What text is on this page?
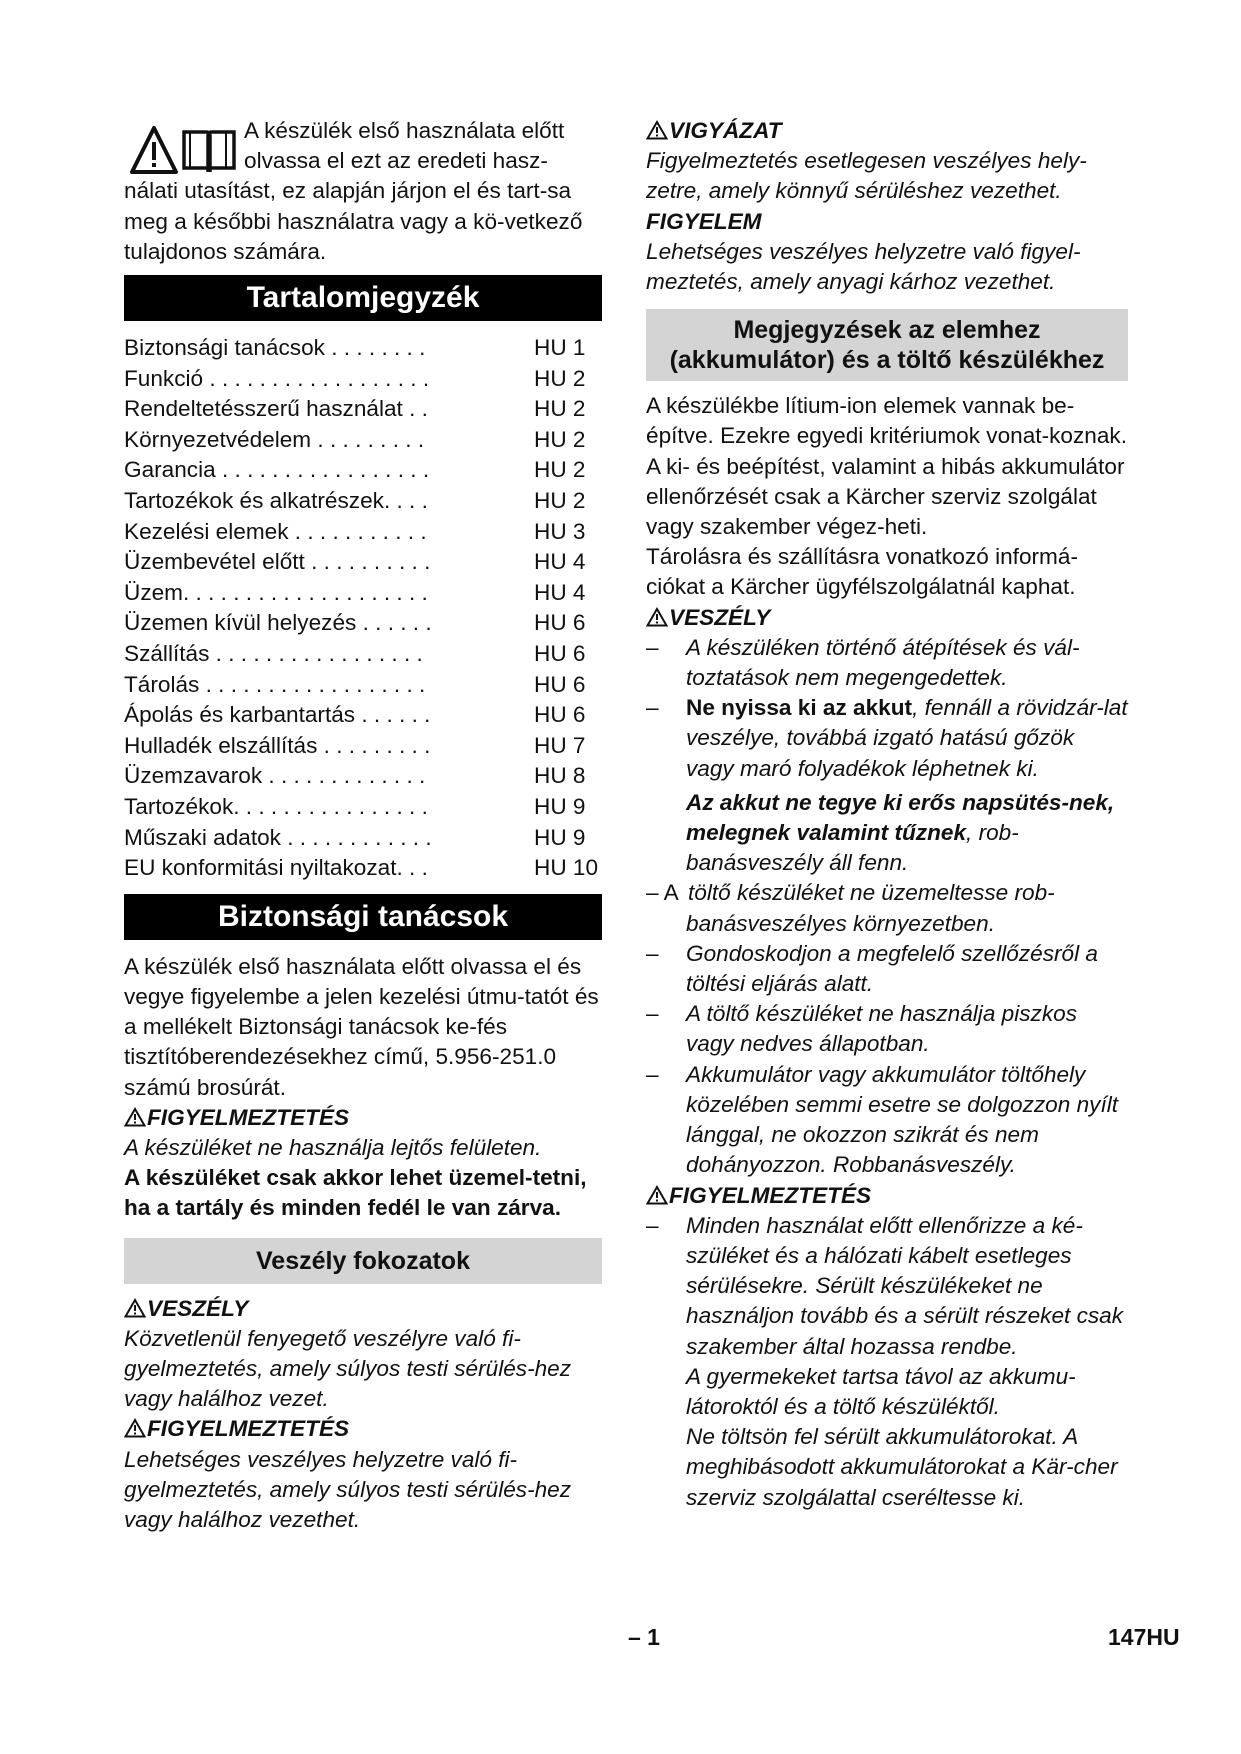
A készülék első használata előtt

olvassa el ezt az eredeti hasz-

nálati utasítást, ez alapján járjon el és tart-sa meg a későbbi használatra vagy a kö-vetkező tulajdonos számára.

Tartalomjegyzék
Biztonsági tanácsok . . . . . . . .	HU 1
Funkció . . . . . . . . . . . . . . . . . .	HU 2
Rendeltetésszerű használat . .	HU 2
Környezetvédelem . . . . . . . . .	HU 2
Garancia . . . . . . . . . . . . . . . . .	HU 2
Tartozékok és alkatrészek. . . .	HU 2
Kezelési elemek . . . . . . . . . . .	HU 3
Üzembevétel előtt . . . . . . . . . .	HU 4
Üzem. . . . . . . . . . . . . . . . . . . .	HU 4
Üzemen kívül helyezés . . . . . .	HU 6
Szállítás . . . . . . . . . . . . . . . . .	HU 6
Tárolás . . . . . . . . . . . . . . . . . .	HU 6
Ápolás és karbantartás . . . . . .	HU 6
Hulladék elszállítás . . . . . . . . .	HU 7
Üzemzavarok . . . . . . . . . . . . .	HU 8
Tartozékok. . . . . . . . . . . . . . . .	HU 9
Műszaki adatok . . . . . . . . . . . .	HU 9
EU konformitási nyiltakozat. . .	HU 10
Biztonsági tanácsok

A készülék első használata előtt olvassa el és vegye figyelembe a jelen kezelési útmu-tatót és a mellékelt Biztonsági tanácsok ke-fés tisztítóberendezésekhez című, 5.956-251.0 számú brosúrát.

FIGYELMEZTETÉS

A készüléket ne használja lejtős felületen.

A készüléket csak akkor lehet üzemel-tetni, ha a tartály és minden fedél le van zárva.

Veszély fokozatok

VESZÉLY

Közvetlenül fenyegető veszélyre való fi-gyelmeztetés, amely súlyos testi sérülés-hez vagy halálhoz vezet.

FIGYELMEZTETÉS

Lehetséges veszélyes helyzetre való fi-gyelmeztetés, amely súlyos testi sérülés-hez vagy halálhoz vezethet.

VIGYÁZAT

Figyelmeztetés esetlegesen veszélyes hely-zetre, amely könnyű sérüléshez vezethet.

FIGYELEM

Lehetséges veszélyes helyzetre való figyel-meztetés, amely anyagi kárhoz vezethet.

Megjegyzések az elemhez (akkumulátor) és a töltő készülékhez

A készülékbe lítium-ion elemek vannak be-építve. Ezekre egyedi kritériumok vonat-koznak. A ki- és beépítést, valamint a hibás akkumulátor ellenőrzését csak a Kärcher szerviz szolgálat vagy szakember végez-heti.

Tárolásra és szállításra vonatkozó informá-ciókat a Kärcher ügyfélszolgálatnál kaphat.

VESZÉLY

– A készüléken történő átépítések és vál-toztatások nem megengedettek.

– Ne nyissa ki az akkut, fennáll a rövidzár-lat veszélye, továbbá izgató hatású gőzök vagy maró folyadékok léphetnek ki.

Az akkut ne tegye ki erős napsütés-nek, melegnek valamint tűznek, rob-banásveszély áll fenn.

– A töltő készüléket ne üzemeltesse rob-banásveszélyes környezetben.

– Gondoskodjon a megfelelő szellőzésről a töltési eljárás alatt.

– A töltő készüléket ne használja piszkos vagy nedves állapotban.

– Akkumulátor vagy akkumulátor töltőhely közelében semmi esetre se dolgozzon nyílt lánggal, ne okozzon szikrát és nem dohányozzon. Robbanásveszély.

FIGYELMEZTETÉS

– Minden használat előtt ellenőrizze a ké-szüléket és a hálózati kábelt esetleges sérülésekre. Sérült készülékeket ne használjon tovább és a sérült részeket csak szakember által hozassa rendbe.

A gyermekeket tartsa távol az akkumu-látoroktól és a töltő készüléktől.

Ne töltsön fel sérült akkumulátorokat. A meghibásodott akkumulátorokat a Kär-cher szerviz szolgálattal cseréltesse ki.

– 1	147HU
